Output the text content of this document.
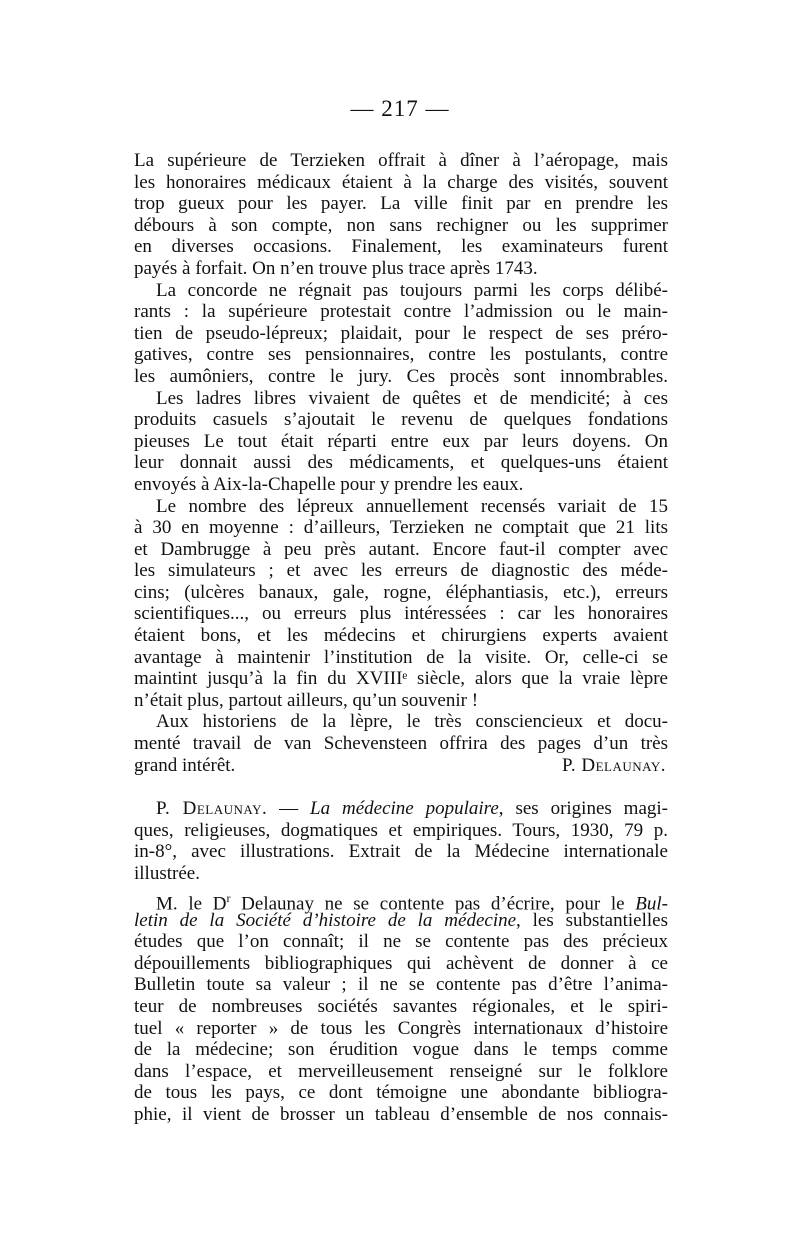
— 217 —
La supérieure de Terzieken offrait à dîner à l’aéropage, mais
les honoraires médicaux étaient à la charge des visités, souvent
trop gueux pour les payer. La ville finit par en prendre les
débours à son compte, non sans rechigner ou les supprimer
en diverses occasions. Finalement, les examinateurs furent
payés à forfait. On n’en trouve plus trace après 1743.
La concorde ne régnait pas toujours parmi les corps délibé-
rants : la supérieure protestait contre l’admission ou le main-
tien de pseudo-lépreux; plaidait, pour le respect de ses préro-
gatives, contre ses pensionnaires, contre les postulants, contre
les aumôniers, contre le jury. Ces procès sont innombrables.
Les ladres libres vivaient de quêtes et de mendicité; à ces
produits casuels s’ajoutait le revenu de quelques fondations
pieuses Le tout était réparti entre eux par leurs doyens. On
leur donnait aussi des médicaments, et quelques-uns étaient
envoyés à Aix-la-Chapelle pour y prendre les eaux.
Le nombre des lépreux annuellement recensés variait de 15
à 30 en moyenne : d’ailleurs, Terzieken ne comptait que 21 lits
et Dambrugge à peu près autant. Encore faut-il compter avec
les simulateurs ; et avec les erreurs de diagnostic des méde-
cins; (ulcères banaux, gale, rogne, éléphantiasis, etc.), erreurs
scientifiques..., ou erreurs plus intéressées : car les honoraires
étaient bons, et les médecins et chirurgiens experts avaient
avantage à maintenir l’institution de la visite. Or, celle-ci se
maintint jusqu’à la fin du XVIIIᵉ siècle, alors que la vraie lèpre
n’était plus, partout ailleurs, qu’un souvenir !
Aux historiens de la lèpre, le très consciencieux et docu-
menté travail de van Schevensteen offrira des pages d’un très
grand intérêt.	P. Delaunay.
P. Delaunay. — La médecine populaire, ses origines magi-
ques, religieuses, dogmatiques et empiriques. Tours, 1930, 79 p.
in-8°, avec illustrations. Extrait de la Médecine internationale
illustrée.
M. le $D^r$ Delaunay ne se contente pas d’écrire, pour le Bul-
letin de la Société d’histoire de la médecine, les substantielles
études que l’on connaît; il ne se contente pas des précieux
dépouillements bibliographiques qui achèvent de donner à ce
Bulletin toute sa valeur ; il ne se contente pas d’être l’anima-
teur de nombreuses sociétés savantes régionales, et le spiri-
tuel « reporter » de tous les Congrès internationaux d’histoire
de la médecine; son érudition vogue dans le temps comme
dans l’espace, et merveilleusement renseigné sur le folklore
de tous les pays, ce dont témoigne une abondante bibliogra-
phie, il vient de brosser un tableau d’ensemble de nos connais-
